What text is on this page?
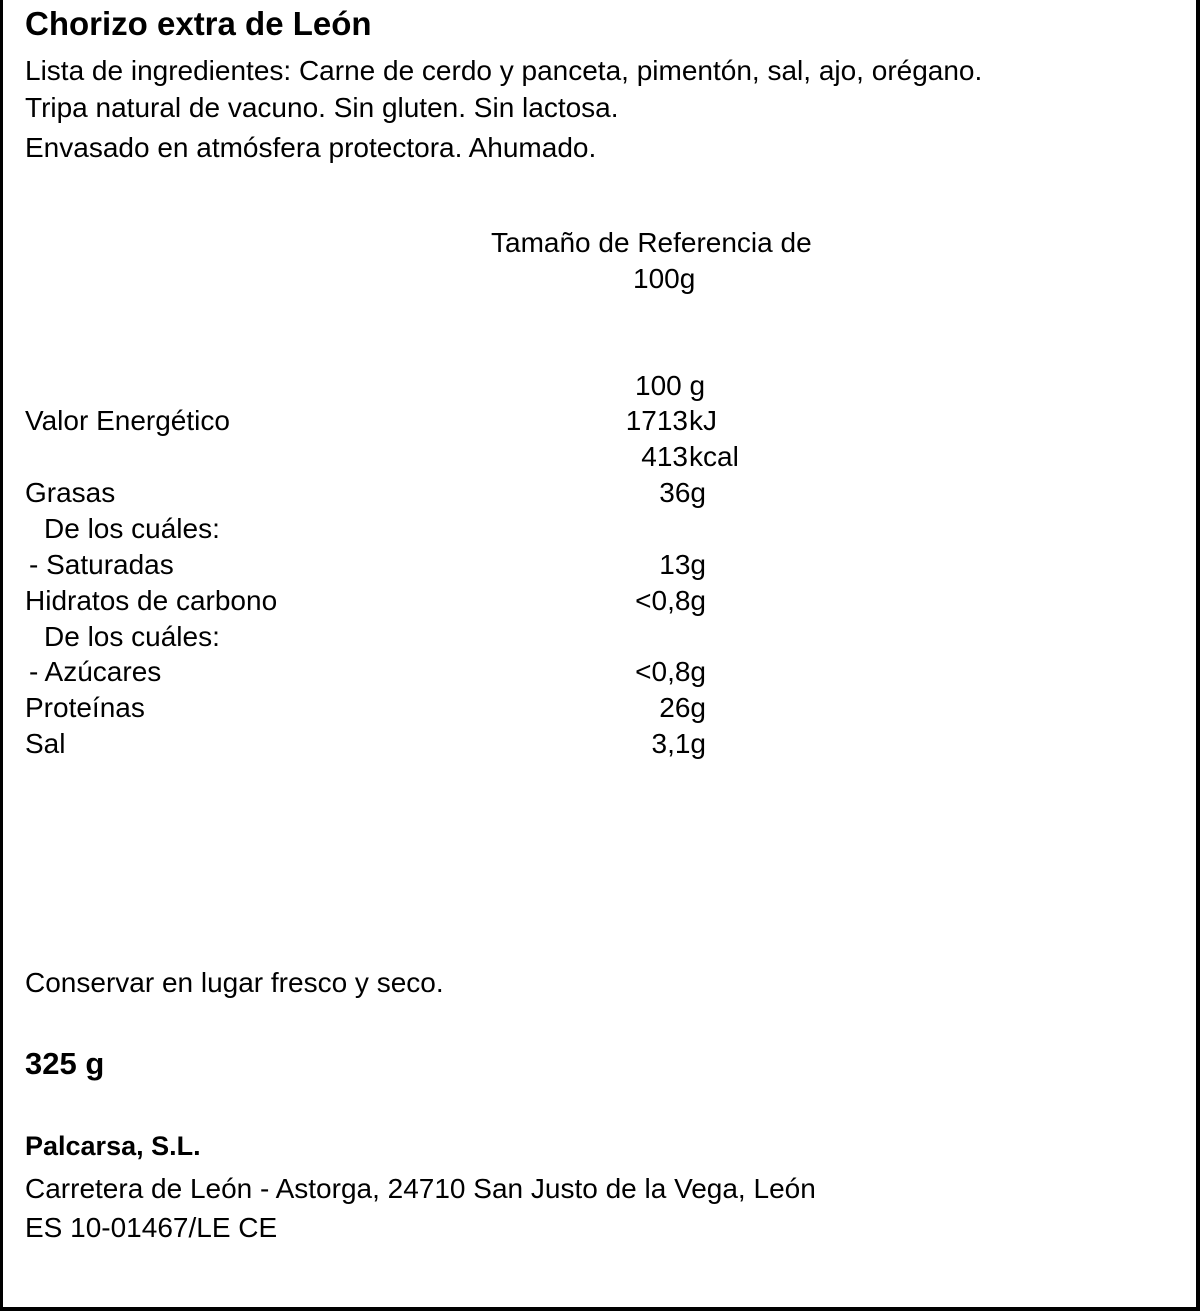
Chorizo extra de León
Lista de ingredientes: Carne de cerdo y panceta, pimentón, sal, ajo, orégano.
Tripa natural de vacuno. Sin gluten. Sin lactosa.
Envasado en atmósfera protectora. Ahumado.
Tamaño de Referencia de
100g
100 g
Valor Energético	1713 kJ
413 kcal
Grasas	36g
De los cuáles:
- Saturadas	13g
Hidratos de carbono	<0,8g
De los cuáles:
- Azúcares	<0,8g
Proteínas	26g
Sal	3,1g
Conservar en lugar fresco y seco.
325 g
Palcarsa, S.L.
Carretera de León - Astorga, 24710 San Justo de la Vega, León
ES 10-01467/LE CE
